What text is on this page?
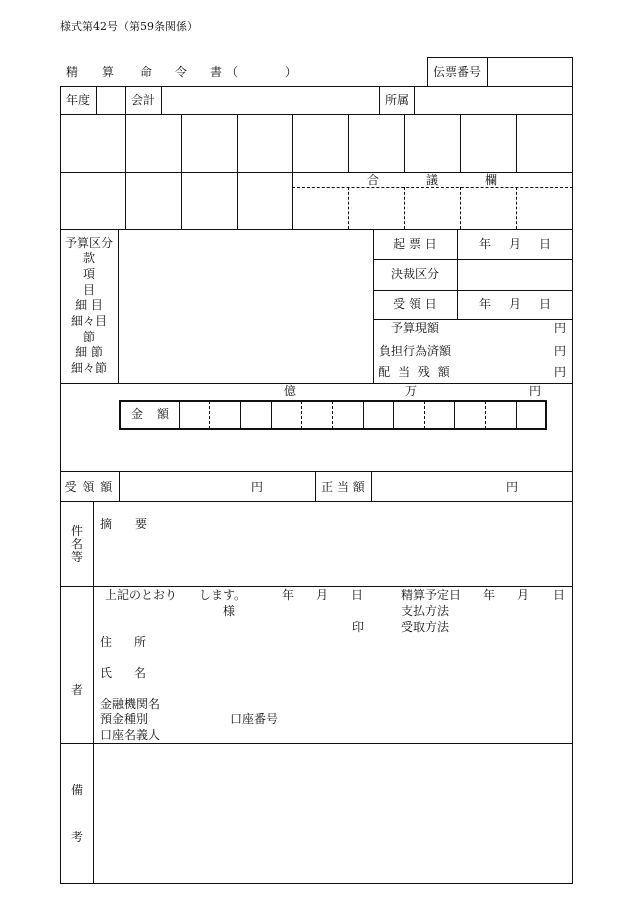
様式第42号（第59条関係）
精 算 命 令 書 （	）	伝票番号
年度	会計	所属
合	議	欄
予算区分
款
項
目
細 目
細々目
節
細 節
細々節
起 票 日	年 月 日
決裁区分
受 領 日	年 月 日
予算現額	円
負担行為済額	円
配 当 残 額	円
億	万	円
金 額
受 領 額	円	正 当 額	円
件
名
等
摘 要
者
上記のとおり します。	年 月 日	精算予定日 年 月 日
様	支払方法
印	受取方法
住 所
氏 名
金融機関名
預金種別	口座番号
口座名義人
備
考
